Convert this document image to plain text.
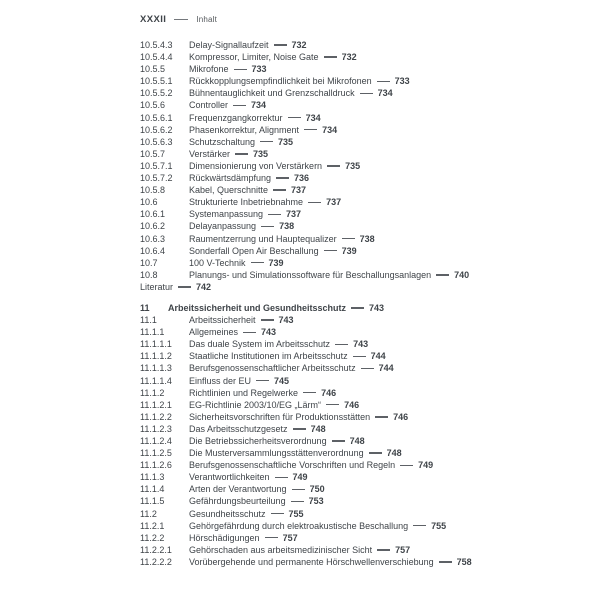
XXXII	Inhalt
10.5.4.3	Delay-Signallaufzeit	732
10.5.4.4	Kompressor, Limiter, Noise Gate	732
10.5.5	Mikrofone	733
10.5.5.1	Rückkopplungsempfindlichkeit bei Mikrofonen	733
10.5.5.2	Bühnentauglichkeit und Grenzschalldruck	734
10.5.6	Controller	734
10.5.6.1	Frequenzgangkorrektur	734
10.5.6.2	Phasenkorrektur, Alignment	734
10.5.6.3	Schutzschaltung	735
10.5.7	Verstärker	735
10.5.7.1	Dimensionierung von Verstärkern	735
10.5.7.2	Rückwärtsdämpfung	736
10.5.8	Kabel, Querschnitte	737
10.6	Strukturierte Inbetriebnahme	737
10.6.1	Systemanpassung	737
10.6.2	Delayanpassung	738
10.6.3	Raumentzerrung und Hauptequalizer	738
10.6.4	Sonderfall Open Air Beschallung	739
10.7	100 V-Technik	739
10.8	Planungs- und Simulationssoftware für Beschallungsanlagen	740
Literatur	742
11	Arbeitssicherheit und Gesundheitsschutz	743
11.1	Arbeitssicherheit	743
11.1.1	Allgemeines	743
11.1.1.1	Das duale System im Arbeitsschutz	743
11.1.1.2	Staatliche Institutionen im Arbeitsschutz	744
11.1.1.3	Berufsgenossenschaftlicher Arbeitsschutz	744
11.1.1.4	Einfluss der EU	745
11.1.2	Richtlinien und Regelwerke	746
11.1.2.1	EG-Richtlinie 2003/10/EG „Lärm“	746
11.1.2.2	Sicherheitsvorschriften für Produktionsstätten	746
11.1.2.3	Das Arbeitsschutzgesetz	748
11.1.2.4	Die Betriebssicherheitsverordnung	748
11.1.2.5	Die Musterversammlungsstättenverordnung	748
11.1.2.6	Berufsgenossenschaftliche Vorschriften und Regeln	749
11.1.3	Verantwortlichkeiten	749
11.1.4	Arten der Verantwortung	750
11.1.5	Gefährdungsbeurteilung	753
11.2	Gesundheitsschutz	755
11.2.1	Gehörgefährdung durch elektroakustische Beschallung	755
11.2.2	Hörschädigungen	757
11.2.2.1	Gehörschaden aus arbeitsmedizinischer Sicht	757
11.2.2.2	Vorübergehende und permanente Hörschwellenverschiebung	758
